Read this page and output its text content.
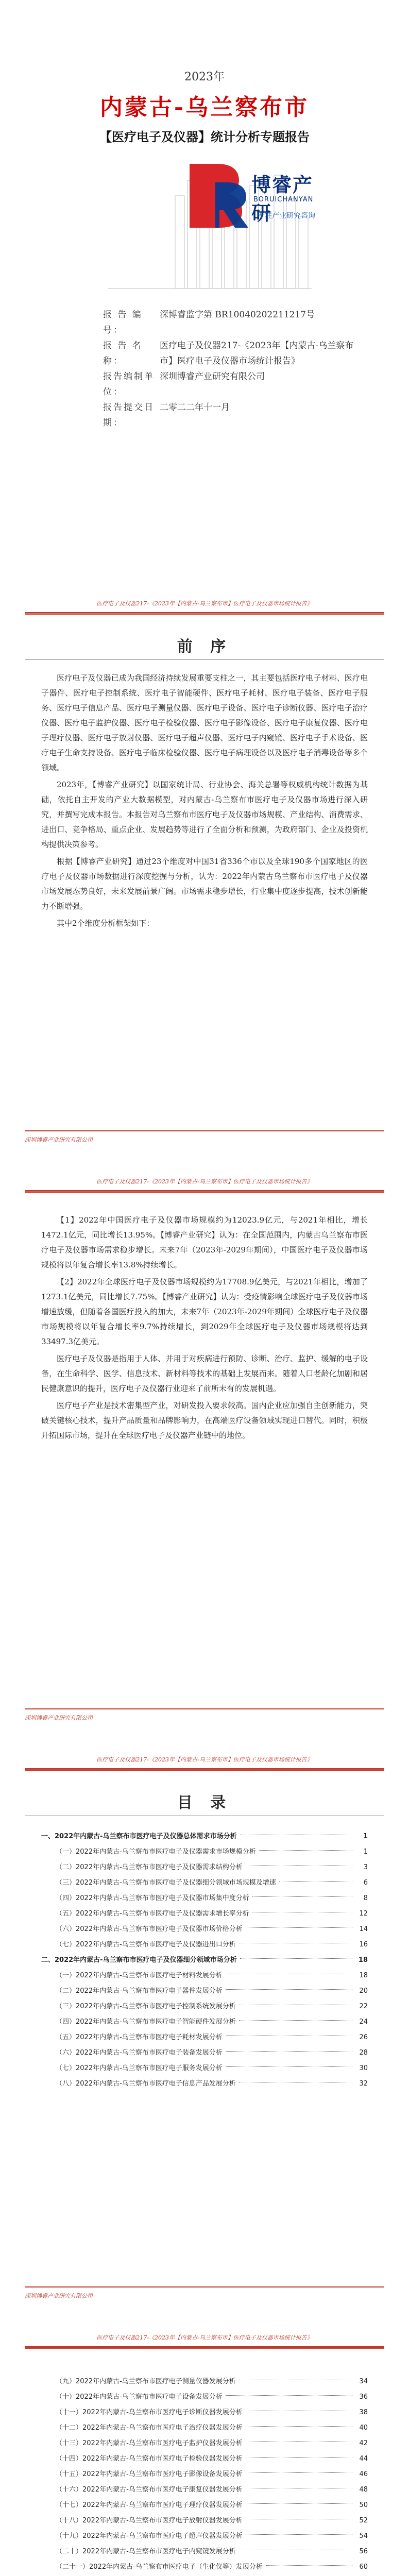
2023年
内蒙古-乌兰察布市
【医疗电子及仪器】统计分析专题报告
博睿产研
BORUICHANYAN
专注产业研究咨询
报 告 编 号：深博睿监字第 BR10040202211217号
报 告 名 称：医疗电子及仪器217-《2023年【内蒙古-乌兰察布市】医疗电子及仪器市场统计报告》
报告编制单位：深圳博睿产业研究有限公司
报告提交日期：二零二二年十一月
医疗电子及仪器217-《2023年【内蒙古-乌兰察布市】医疗电子及仪器市场统计报告》
前 序

医疗电子及仪器已成为我国经济持续发展重要支柱之一，其主要包括医疗电子材料、医疗电子器件、医疗电子控制系统、医疗电子智能硬件、医疗电子耗材、医疗电子装备、医疗电子服务、医疗电子信息产品、医疗电子测量仪器、医疗电子设备、医疗电子诊断仪器、医疗电子治疗仪器、医疗电子监护仪器、医疗电子检验仪器、医疗电子影像设备、医疗电子康复仪器、医疗电子理疗仪器、医疗电子放射仪器、医疗电子超声仪器、医疗电子内窥镜、医疗电子手术设备、医疗电子生命支持设备、医疗电子临床检验仪器、医疗电子病理设备以及医疗电子消毒设备等多个领域。

2023年，【博睿产业研究】以国家统计局、行业协会、海关总署等权威机构统计数据为基础，依托自主开发的产业大数据模型，对内蒙古-乌兰察布市医疗电子及仪器市场进行深入研究，并撰写完成本报告。本报告对乌兰察布市医疗电子及仪器市场规模、产业结构、消费需求、进出口、竞争格局、重点企业、发展趋势等进行了全面分析和预测，为政府部门、企业及投资机构提供决策参考。

根据【博睿产业研究】通过23个维度对中国31省336个市以及全球190多个国家地区的医疗电子及仪器市场数据进行深度挖掘与分析，认为：2022年内蒙古乌兰察布市医疗电子及仪器市场发展态势良好，未来发展前景广阔。市场需求稳步增长，行业集中度逐步提高，技术创新能力不断增强。

其中2个维度分析框架如下：

深圳博睿产业研究有限公司
医疗电子及仪器217-《2023年【内蒙古-乌兰察布市】医疗电子及仪器市场统计报告》

【1】2022年中国医疗电子及仪器市场规模约为12023.9亿元，与2021年相比，增长1472.1亿元，同比增长13.95%。【博睿产业研究】认为：在全国范围内，内蒙古乌兰察布市医疗电子及仪器市场需求稳步增长。未来7年（2023年-2029年期间），中国医疗电子及仪器市场规模将以年复合增长率13.8%持续增长。

【2】2022年全球医疗电子及仪器市场规模约为17708.9亿美元，与2021年相比，增加了1273.1亿美元，同比增长7.75%。【博睿产业研究】认为：受疫情影响全球医疗电子及仪器市场增速放缓，但随着各国医疗投入的加大，未来7年（2023年-2029年期间）全球医疗电子及仪器市场规模将以年复合增长率9.7%持续增长，到2029年全球医疗电子及仪器市场规模将达到33497.3亿美元。

医疗电子及仪器是指用于人体、并用于对疾病进行预防、诊断、治疗、监护、缓解的电子设备，在生命科学、医学、信息技术、新材料等技术的基础上发展而来。随着人口老龄化加剧和居民健康意识的提升，医疗电子及仪器行业迎来了前所未有的发展机遇。

医疗电子产业是技术密集型产业，对研发投入要求较高。国内企业应加强自主创新能力，突破关键核心技术，提升产品质量和品牌影响力，在高端医疗设备领域实现进口替代。同时，积极开拓国际市场，提升在全球医疗电子及仪器产业链中的地位。

深圳博睿产业研究有限公司
医疗电子及仪器217-《2023年【内蒙古-乌兰察布市】医疗电子及仪器市场统计报告》
目 录
一、2022年内蒙古-乌兰察布市医疗电子及仪器总体需求市场分析	1
（一）2022年内蒙古-乌兰察布市医疗电子及仪器需求市场规模分析	1
（二）2022年内蒙古-乌兰察布市医疗电子及仪器需求结构分析	3
（三）2022年内蒙古-乌兰察布市医疗电子及仪器细分领域市场规模及增速	6
（四）2022年内蒙古-乌兰察布市医疗电子及仪器市场集中度分析	8
（五）2022年内蒙古-乌兰察布市医疗电子及仪器需求增长率分析	12
（六）2022年内蒙古-乌兰察布市医疗电子及仪器市场价格分析	14
（七）2022年内蒙古-乌兰察布市医疗电子及仪器进出口分析	16
二、2022年内蒙古-乌兰察布市医疗电子及仪器细分领域市场分析	18
（一）2022年内蒙古-乌兰察布市医疗电子材料发展分析	18
（二）2022年内蒙古-乌兰察布市医疗电子器件发展分析	20
（三）2022年内蒙古-乌兰察布市医疗电子控制系统发展分析	22
（四）2022年内蒙古-乌兰察布市医疗电子智能硬件发展分析	24
（五）2022年内蒙古-乌兰察布市医疗电子耗材发展分析	26
（六）2022年内蒙古-乌兰察布市医疗电子装备发展分析	28
（七）2022年内蒙古-乌兰察布市医疗电子服务发展分析	30
（八）2022年内蒙古-乌兰察布市医疗电子信息产品发展分析	32
深圳博睿产业研究有限公司
医疗电子及仪器217-《2023年【内蒙古-乌兰察布市】医疗电子及仪器市场统计报告》
（九）2022年内蒙古-乌兰察布市医疗电子测量仪器发展分析	34
（十）2022年内蒙古-乌兰察布市医疗电子设备发展分析	36
（十一）2022年内蒙古-乌兰察布市医疗电子诊断仪器发展分析	38
（十二）2022年内蒙古-乌兰察布市医疗电子治疗仪器发展分析	40
（十三）2022年内蒙古-乌兰察布市医疗电子监护仪器发展分析	42
（十四）2022年内蒙古-乌兰察布市医疗电子检验仪器发展分析	44
（十五）2022年内蒙古-乌兰察布市医疗电子影像设备发展分析	46
（十六）2022年内蒙古-乌兰察布市医疗电子康复仪器发展分析	48
（十七）2022年内蒙古-乌兰察布市医疗电子理疗仪器发展分析	50
（十八）2022年内蒙古-乌兰察布市医疗电子放射仪器发展分析	52
（十九）2022年内蒙古-乌兰察布市医疗电子超声仪器发展分析	54
（二十）2022年内蒙古-乌兰察布市医疗电子内窥镜发展分析	56
（二十一）2022年内蒙古-乌兰察布市医疗电子（生化仪等）发展分析	60
